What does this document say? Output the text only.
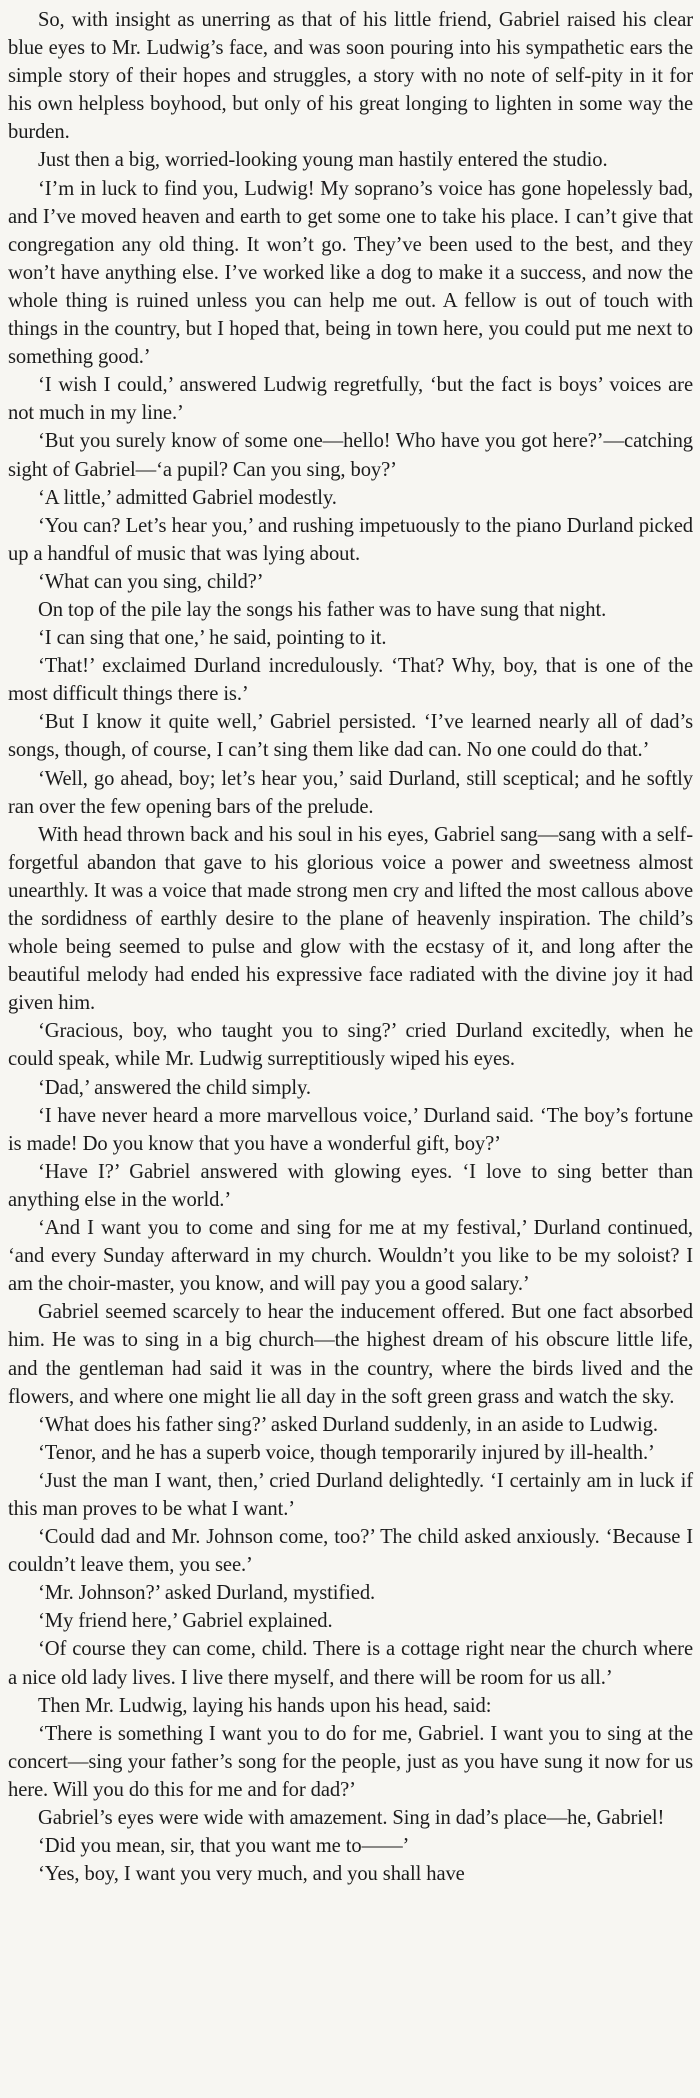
So, with insight as unerring as that of his little friend, Gabriel raised his clear blue eyes to Mr. Ludwig’s face, and was soon pouring into his sympathetic ears the simple story of their hopes and struggles, a story with no note of self-pity in it for his own helpless boyhood, but only of his great longing to lighten in some way the burden.

Just then a big, worried-looking young man hastily entered the studio.

‘I’m in luck to find you, Ludwig! My soprano’s voice has gone hopelessly bad, and I’ve moved heaven and earth to get some one to take his place. I can’t give that congregation any old thing. It won’t go. They’ve been used to the best, and they won’t have anything else. I’ve worked like a dog to make it a success, and now the whole thing is ruined unless you can help me out. A fellow is out of touch with things in the country, but I hoped that, being in town here, you could put me next to something good.’

‘I wish I could,’ answered Ludwig regretfully, ‘but the fact is boys’ voices are not much in my line.’

‘But you surely know of some one—hello! Who have you got here?’—catching sight of Gabriel—‘a pupil? Can you sing, boy?’

‘A little,’ admitted Gabriel modestly.

‘You can? Let’s hear you,’ and rushing impetuously to the piano Durland picked up a handful of music that was lying about.

‘What can you sing, child?’

On top of the pile lay the songs his father was to have sung that night.

‘I can sing that one,’ he said, pointing to it.

‘That!’ exclaimed Durland incredulously. ‘That? Why, boy, that is one of the most difficult things there is.’

‘But I know it quite well,’ Gabriel persisted. ‘I’ve learned nearly all of dad’s songs, though, of course, I can’t sing them like dad can. No one could do that.’

‘Well, go ahead, boy; let’s hear you,’ said Durland, still sceptical; and he softly ran over the few opening bars of the prelude.

With head thrown back and his soul in his eyes, Gabriel sang—sang with a self-forgetful abandon that gave to his glorious voice a power and sweetness almost unearthly. It was a voice that made strong men cry and lifted the most callous above the sordidness of earthly desire to the plane of heavenly inspiration. The child’s whole being seemed to pulse and glow with the ecstasy of it, and long after the beautiful melody had ended his expressive face radiated with the divine joy it had given him.

‘Gracious, boy, who taught you to sing?’ cried Durland excitedly, when he could speak, while Mr. Ludwig surreptitiously wiped his eyes.

‘Dad,’ answered the child simply.

‘I have never heard a more marvellous voice,’ Durland said. ‘The boy’s fortune is made! Do you know that you have a wonderful gift, boy?’

‘Have I?’ Gabriel answered with glowing eyes. ‘I love to sing better than anything else in the world.’

‘And I want you to come and sing for me at my festival,’ Durland continued, ‘and every Sunday afterward in my church. Wouldn’t you like to be my soloist? I am the choir-master, you know, and will pay you a good salary.’

Gabriel seemed scarcely to hear the inducement offered. But one fact absorbed him. He was to sing in a big church—the highest dream of his obscure little life, and the gentleman had said it was in the country, where the birds lived and the flowers, and where one might lie all day in the soft green grass and watch the sky.

‘What does his father sing?’ asked Durland suddenly, in an aside to Ludwig.

‘Tenor, and he has a superb voice, though temporarily injured by ill-health.’

‘Just the man I want, then,’ cried Durland delightedly. ‘I certainly am in luck if this man proves to be what I want.’

‘Could dad and Mr. Johnson come, too?’ The child asked anxiously. ‘Because I couldn’t leave them, you see.’

‘Mr. Johnson?’ asked Durland, mystified.

‘My friend here,’ Gabriel explained.

‘Of course they can come, child. There is a cottage right near the church where a nice old lady lives. I live there myself, and there will be room for us all.’

Then Mr. Ludwig, laying his hands upon his head, said:

‘There is something I want you to do for me, Gabriel. I want you to sing at the concert—sing your father’s song for the people, just as you have sung it now for us here. Will you do this for me and for dad?’

Gabriel’s eyes were wide with amazement. Sing in dad’s place—he, Gabriel!

‘Did you mean, sir, that you want me to——’

‘Yes, boy, I want you very much, and you shall have
